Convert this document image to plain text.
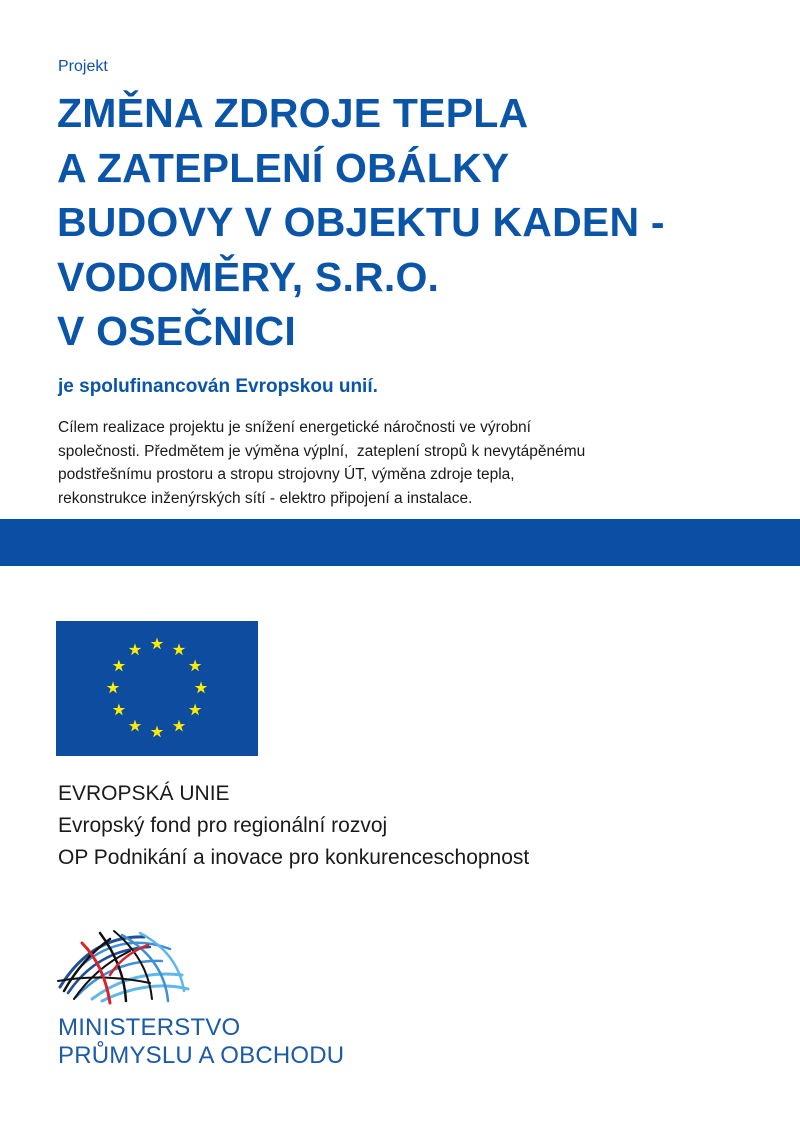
Projekt
ZMĚNA ZDROJE TEPLA
A ZATEPLENÍ OBÁLKY
BUDOVY V OBJEKTU KADEN -
VODOMĚRY, S.R.O.
V OSEČNICI
je spolufinancován Evropskou unií.
Cílem realizace projektu je snížení energetické náročnosti ve výrobní
společnosti. Předmětem je výměna výplní,  zateplení stropů k nevytápěnému
podstřešnímu prostoru a stropu strojovny ÚT, výměna zdroje tepla,
rekonstrukce inženýrských sítí - elektro připojení a instalace.
EVROPSKÁ UNIE
Evropský fond pro regionální rozvoj
OP Podnikání a inovace pro konkurenceschopnost
MINISTERSTVO
PRŮMYSLU A OBCHODU
